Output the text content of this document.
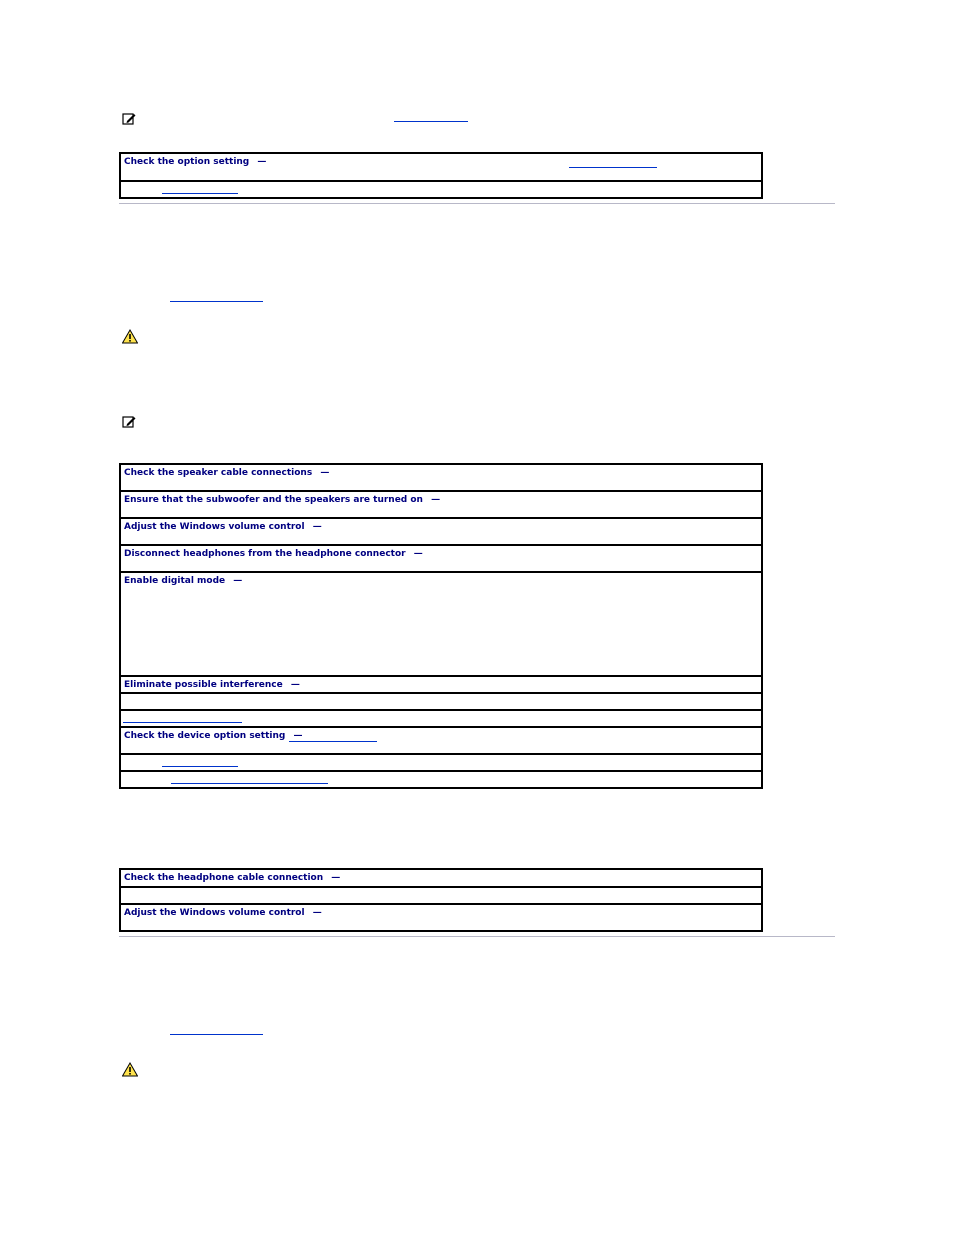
Check the option setting —

Check the speaker cable connections —
Ensure that the subwoofer and the speakers are turned on —
Adjust the Windows volume control —
Disconnect headphones from the headphone connector —
Enable digital mode —
Eliminate possible interference —

Check the device option setting —

Check the headphone cable connection —

Adjust the Windows volume control —
